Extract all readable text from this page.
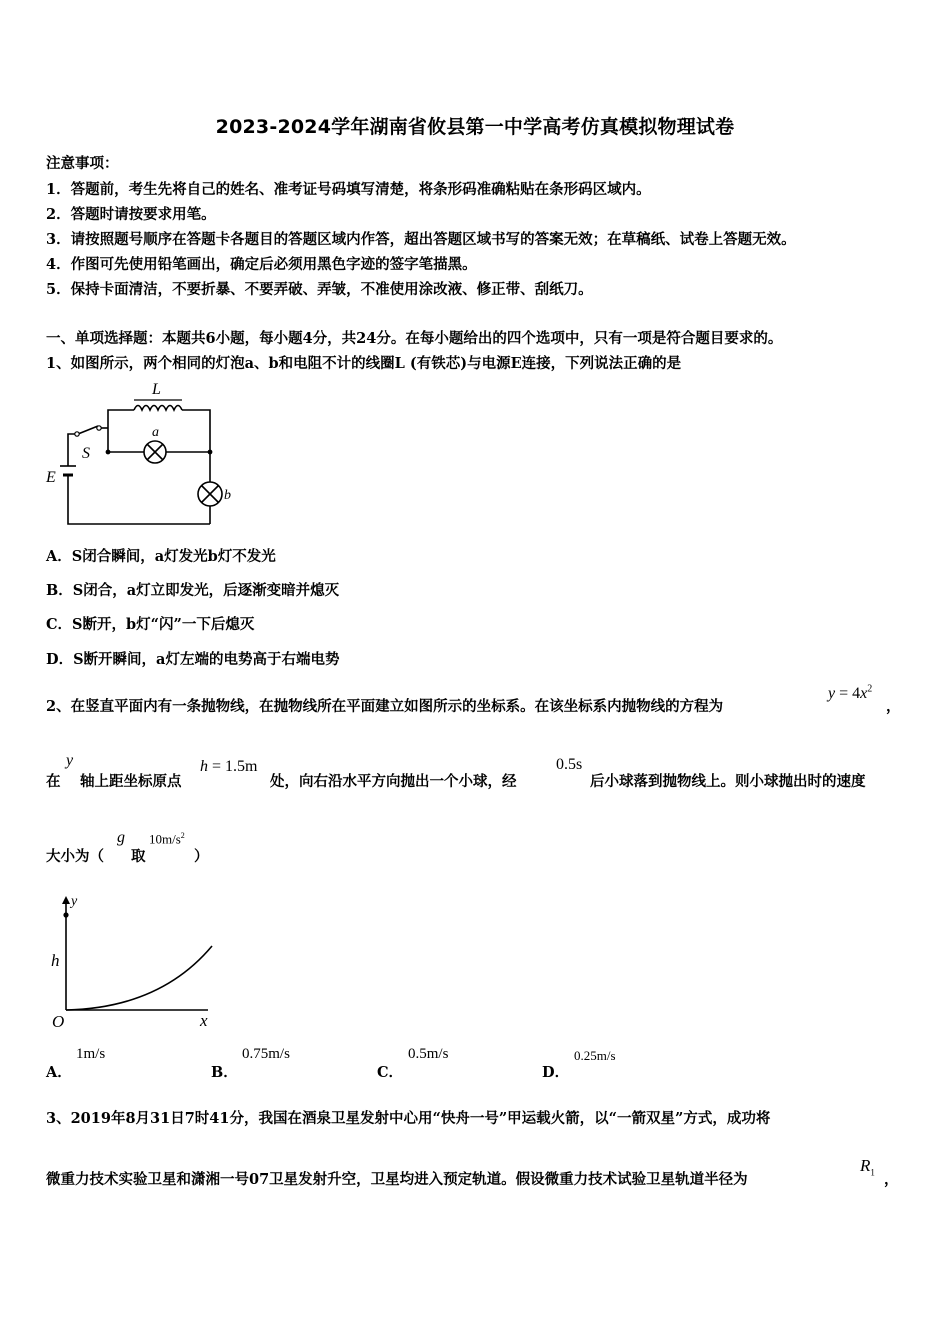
2023-2024学年湖南省攸县第一中学高考仿真模拟物理试卷
注意事项：
1．答题前，考生先将自己的姓名、准考证号码填写清楚，将条形码准确粘贴在条形码区域内。
2．答题时请按要求用笔。
3．请按照题号顺序在答题卡各题目的答题区域内作答，超出答题区域书写的答案无效；在草稿纸、试卷上答题无效。
4．作图可先使用铅笔画出，确定后必须用黑色字迹的签字笔描黑。
5．保持卡面清洁，不要折暴、不要弄破、弄皱，不准使用涂改液、修正带、刮纸刀。
一、单项选择题：本题共6小题，每小题4分，共24分。在每小题给出的四个选项中，只有一项是符合题目要求的。
1、如图所示，两个相同的灯泡a、b和电阻不计的线圈L (有铁芯)与电源E连接，下列说法正确的是
L
a
S
E
b
A．S闭合瞬间，a灯发光b灯不发光
B．S闭合，a灯立即发光，后逐渐变暗并熄灭
C．S断开，b灯“闪”一下后熄灭
D．S断开瞬间，a灯左端的电势高于右端电势
2、在竖直平面内有一条抛物线，在抛物线所在平面建立如图所示的坐标系。在该坐标系内抛物线的方程为
$y = 4x^2$
，
在
y
轴上距坐标原点
h = 1.5m
处，向右沿水平方向抛出一个小球，经
0.5s
后小球落到抛物线上。则小球抛出时的速度
大小为（
g
取
$10m/s^2$
）
y
h
O	x
A．
1m/s
B．
0.75m/s
C．
0.5m/s
D．
0.25m/s
3、2019年8月31日7时41分，我国在酒泉卫星发射中心用“快舟一号”甲运载火箭，以“一箭双星”方式，成功将
微重力技术实验卫星和潇湘一号07卫星发射升空，卫星均进入预定轨道。假设微重力技术试验卫星轨道半径为
$R_1$ ，
